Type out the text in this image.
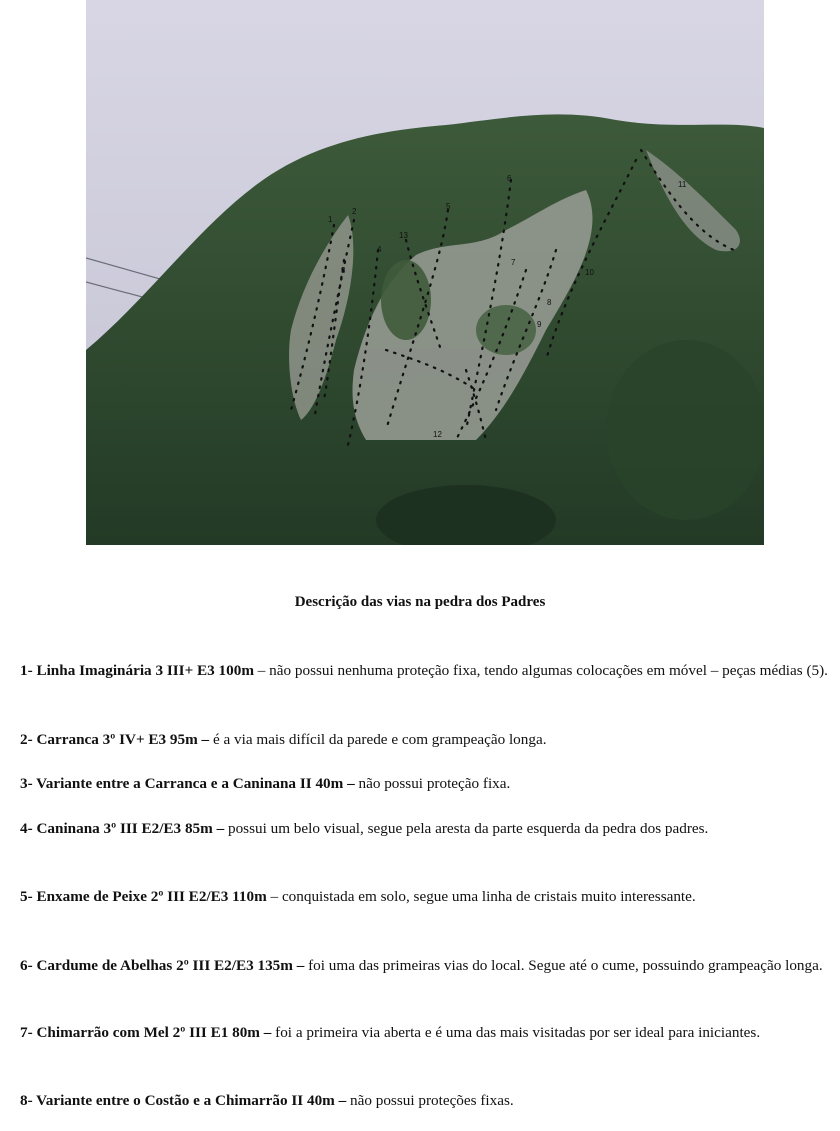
1
2
3
4
5
6
7
8
9
10
11
12
13
Descrição das vias na pedra dos Padres

1- Linha Imaginária 3 III+ E3 100m – não possui nenhuma proteção fixa, tendo algumas colocações em móvel – peças médias (5).

2- Carranca 3º IV+ E3 95m – é a via mais difícil da parede e com grampeação longa.

3- Variante entre a Carranca e a Caninana II 40m – não possui proteção fixa.

4- Caninana 3º III E2/E3 85m – possui um belo visual, segue pela aresta da parte esquerda da pedra dos padres.

5- Enxame de Peixe 2º III E2/E3 110m – conquistada em solo, segue uma linha de cristais muito interessante.

6- Cardume de Abelhas 2º III E2/E3 135m – foi uma das primeiras vias do local. Segue até o cume, possuindo grampeação longa.

7- Chimarrão com Mel 2º III E1 80m – foi a primeira via aberta e é uma das mais visitadas por ser ideal para iniciantes.

8- Variante entre o Costão e a Chimarrão II 40m – não possui proteções fixas.
